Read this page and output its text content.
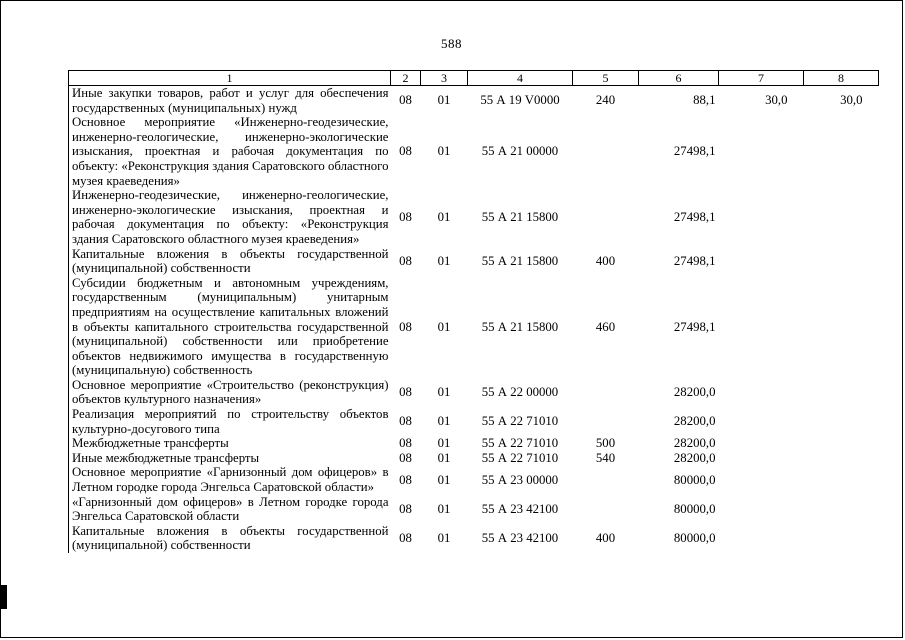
588
1	2	3	4	5	6	7	8
Иные закупки товаров, работ и услуг для обеспечения государственных (муниципальных) нужд	08	01	55 А 19 V0000	240	88,1	30,0	30,0
Основное мероприятие «Инженерно-геодезические, инженерно-геологические, инженерно-экологические изыскания, проектная и рабочая документация по объекту: «Реконструкция здания Саратовского областного музея краеведения»	08	01	55 А 21 00000		27498,1		
Инженерно-геодезические, инженерно-геологические, инженерно-экологические изыскания, проектная и рабочая документация по объекту: «Реконструкция здания Саратовского областного музея краеведения»	08	01	55 А 21 15800		27498,1		
Капитальные вложения в объекты государственной (муниципальной) собственности	08	01	55 А 21 15800	400	27498,1		
Субсидии бюджетным и автономным учреждениям, государственным (муниципальным) унитарным предприятиям на осуществление капитальных вложений в объекты капитального строительства государственной (муниципальной) собственности или приобретение объектов недвижимого имущества в государственную (муниципальную) собственность	08	01	55 А 21 15800	460	27498,1		
Основное мероприятие «Строительство (реконструкция) объектов культурного назначения»	08	01	55 А 22 00000		28200,0		
Реализация мероприятий по строительству объектов культурно-досугового типа	08	01	55 А 22 71010		28200,0		
Межбюджетные трансферты	08	01	55 А 22 71010	500	28200,0		
Иные межбюджетные трансферты	08	01	55 А 22 71010	540	28200,0		
Основное мероприятие «Гарнизонный дом офицеров» в Летном городке города Энгельса Саратовской области»	08	01	55 А 23 00000		80000,0		
«Гарнизонный дом офицеров» в Летном городке города Энгельса Саратовской области	08	01	55 А 23 42100		80000,0		
Капитальные вложения в объекты государственной (муниципальной) собственности	08	01	55 А 23 42100	400	80000,0		
